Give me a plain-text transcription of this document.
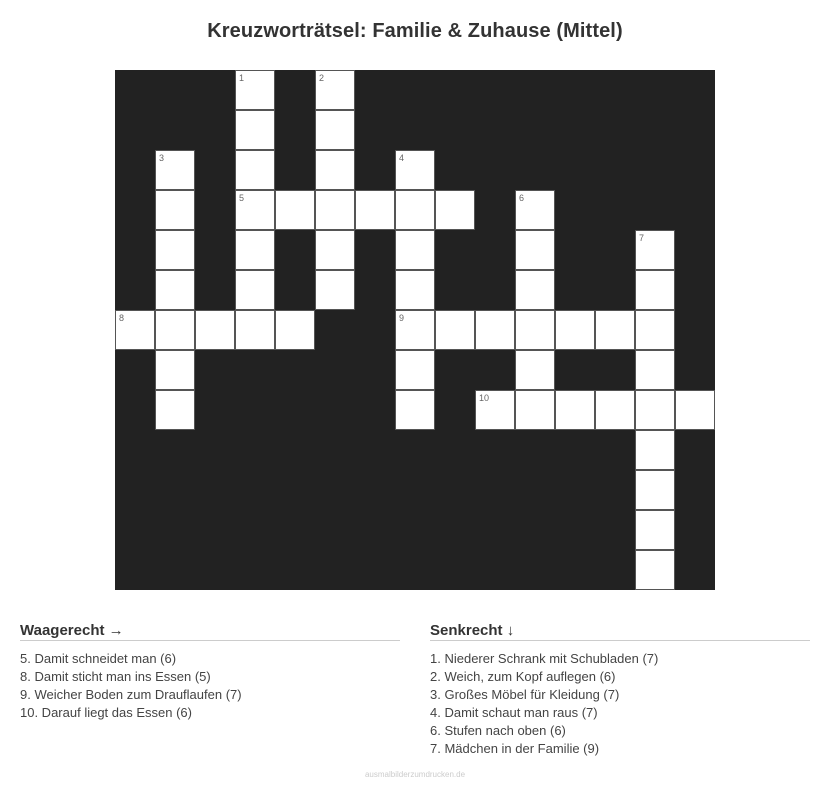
Kreuzworträtsel: Familie & Zuhause (Mittel)
1	2
3	4
5	6
7
8	9
10
Waagerecht →
5. Damit schneidet man (6)
8. Damit sticht man ins Essen (5)
9. Weicher Boden zum Drauflaufen (7)
10. Darauf liegt das Essen (6)
Senkrecht ↓
1. Niederer Schrank mit Schubladen (7)
2. Weich, zum Kopf auflegen (6)
3. Großes Möbel für Kleidung (7)
4. Damit schaut man raus (7)
6. Stufen nach oben (6)
7. Mädchen in der Familie (9)
ausmalbilderzumdrucken.de
